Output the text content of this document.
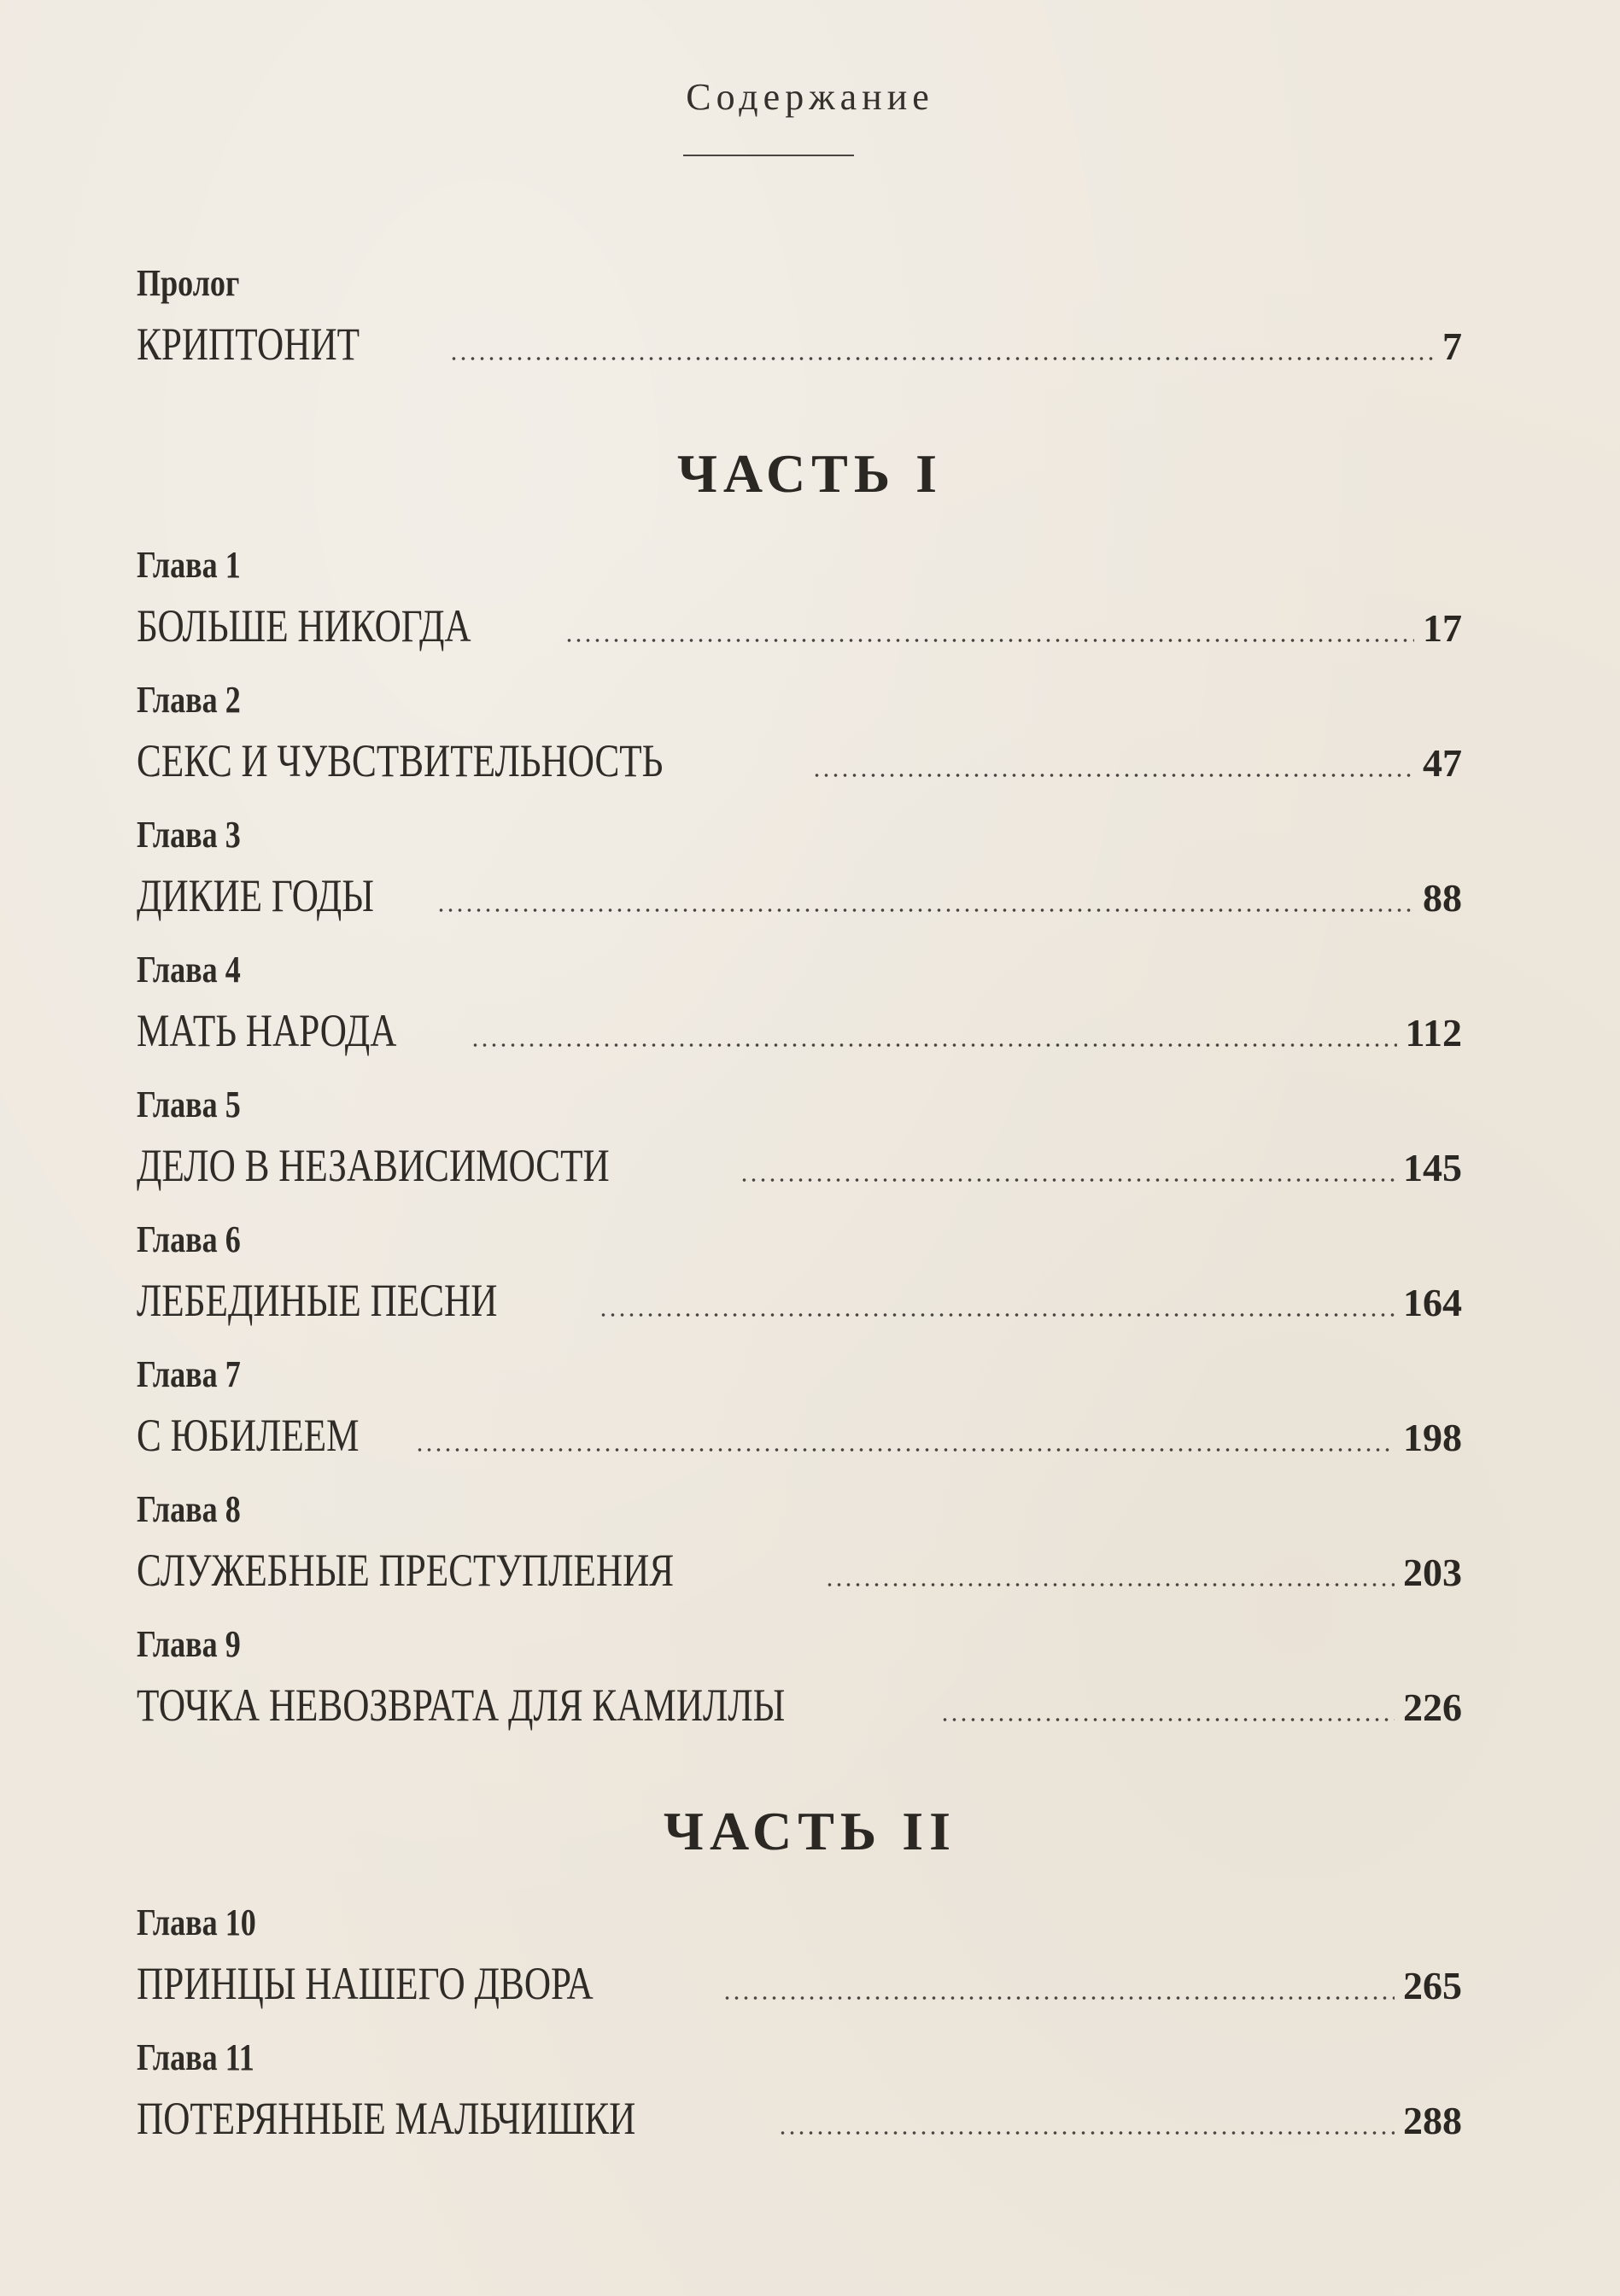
Содержание
Пролог
КРИПТОНИТ	7
ЧАСТЬ I
Глава 1
БОЛЬШЕ НИКОГДА	17
Глава 2
СЕКС И ЧУВСТВИТЕЛЬНОСТЬ	47
Глава 3
ДИКИЕ ГОДЫ	88
Глава 4
МАТЬ НАРОДА	112
Глава 5
ДЕЛО В НЕЗАВИСИМОСТИ	145
Глава 6
ЛЕБЕДИНЫЕ ПЕСНИ	164
Глава 7
С ЮБИЛЕЕМ	198
Глава 8
СЛУЖЕБНЫЕ ПРЕСТУПЛЕНИЯ	203
Глава 9
ТОЧКА НЕВОЗВРАТА ДЛЯ КАМИЛЛЫ	226
ЧАСТЬ II
Глава 10
ПРИНЦЫ НАШЕГО ДВОРА	265
Глава 11
ПОТЕРЯННЫЕ МАЛЬЧИШКИ	288
